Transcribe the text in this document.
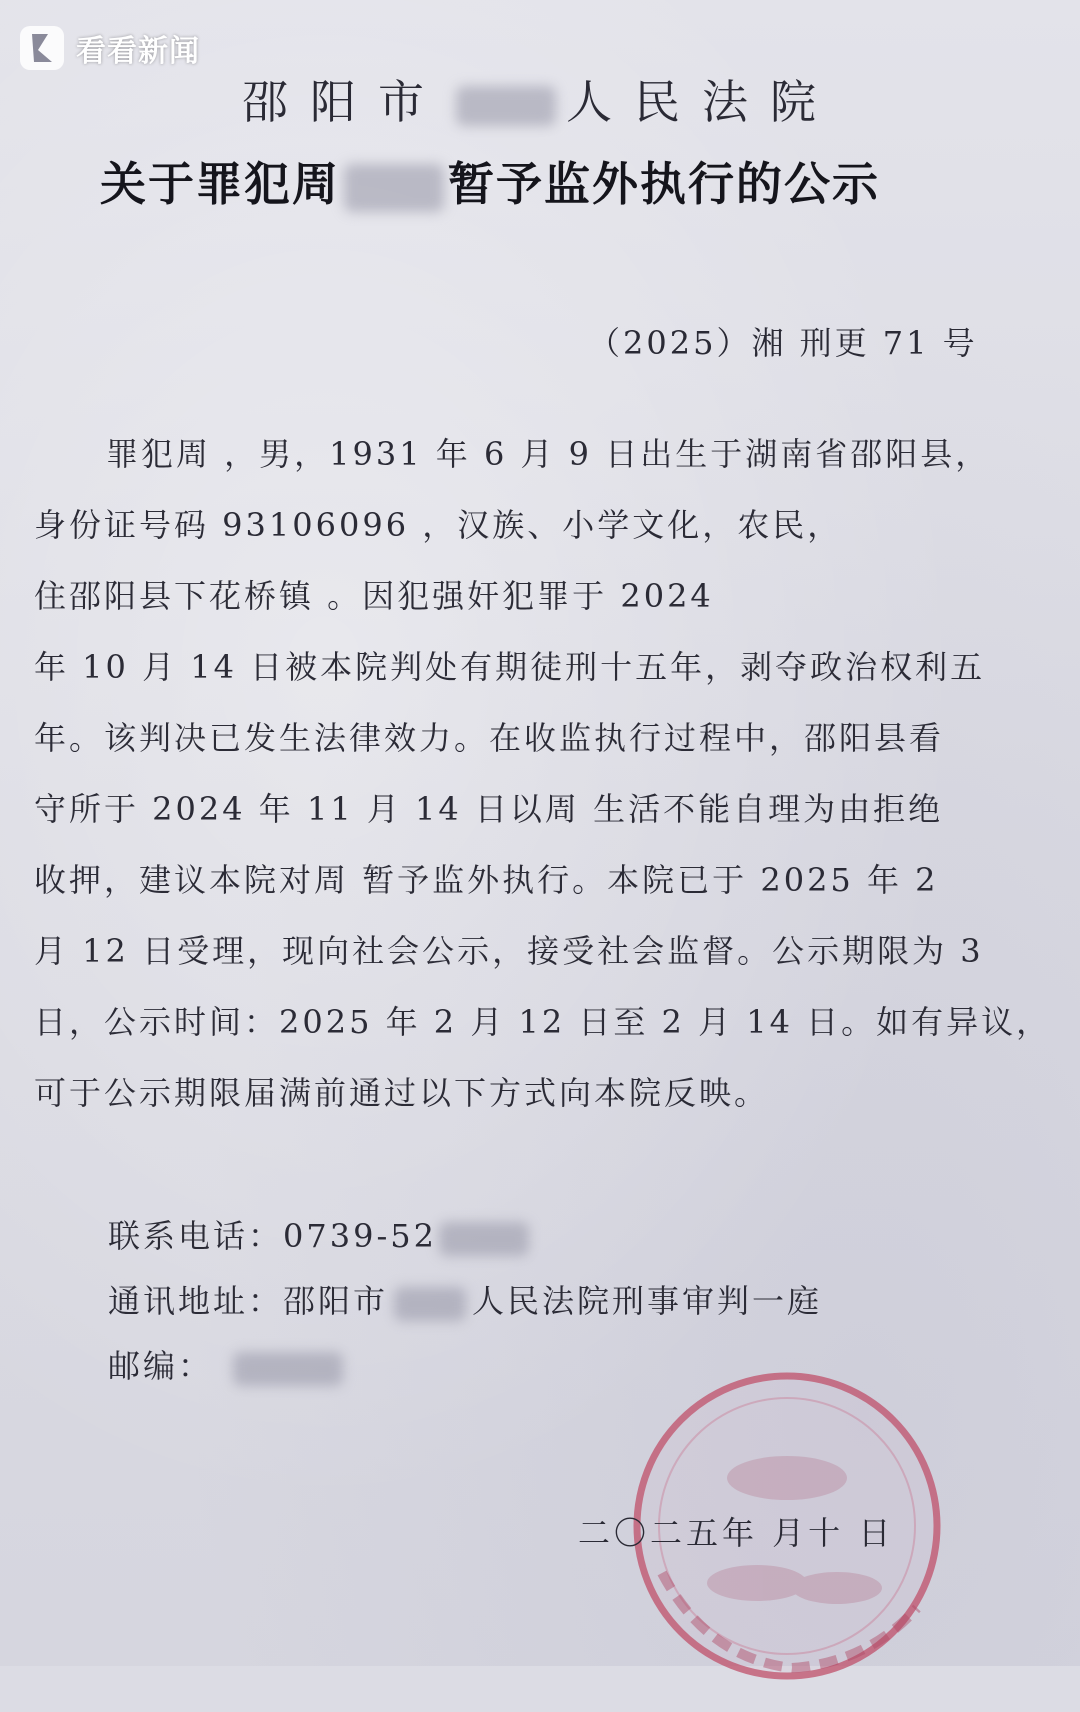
看看新闻
邵阳市	人民法院
关于罪犯周 暂予监外执行的公示
（2025）湘 刑更 71 号
罪犯周 ，男，1931 年 6 月 9 日出生于湖南省邵阳县，
身份证号码 93106096 ，汉族、小学文化，农民，
住邵阳县下花桥镇 。因犯强奸犯罪于 2024
年 10 月 14 日被本院判处有期徒刑十五年，剥夺政治权利五
年。该判决已发生法律效力。在收监执行过程中，邵阳县看
守所于 2024 年 11 月 14 日以周 生活不能自理为由拒绝
收押，建议本院对周 暂予监外执行。本院已于 2025 年 2
月 12 日受理，现向社会公示，接受社会监督。公示期限为 3
日，公示时间：2025 年 2 月 12 日至 2 月 14 日。如有异议，
可于公示期限届满前通过以下方式向本院反映。
联系电话：0739-52
通讯地址：邵阳市	人民法院刑事审判一庭
邮编：
二〇二五年 月十 日
